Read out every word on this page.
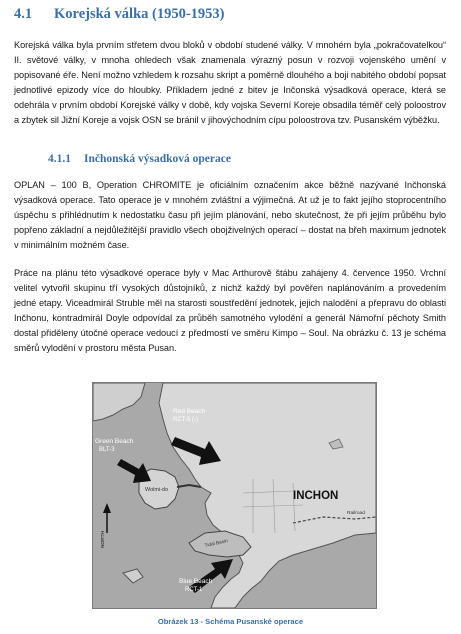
4.1 Korejská válka (1950-1953)

Korejská válka byla prvním střetem dvou bloků v období studené války. V mnohém byla „pokračovatelkou“ II. světové války, v mnoha ohledech však znamenala výrazný posun v rozvoji vojenského umění v popisované éře. Není možno vzhledem k rozsahu skript a poměrně dlouhého a boji nabitého období popsat jednotlivé epizody více do hloubky. Příkladem jedné z bitev je Inčonská výsadková operace, která se odehrála v prvním období Korejské války v době, kdy vojska Severní Koreje obsadila téměř celý poloostrov a zbytek sil Jižní Koreje a vojsk OSN se bránil v jihovýchodním cípu poloostrova tzv. Pusanském výběžku.

4.1.1 Inčhonská výsadková operace

OPLAN – 100 B, Operation CHROMITE je oficiálním označením akce běžně nazývané Inčhonská výsadková operace. Tato operace je v mnohém zvláštní a výjimečná. At už je to fakt jejího stoprocentního úspěchu s přihlédnutím k nedostatku času při jejím plánování, nebo skutečnost, že při jejím průběhu bylo popřeno základní a nejdůležitější pravidlo všech obojživelných operací – dostat na břeh maximum jednotek v minimálním možném čase.

Práce na plánu této výsadkové operace byly v Mac Arthurově štábu zahájeny 4. července 1950. Vrchní velitel vytvořil skupinu tří vysokých důstojníků, z nichž každý byl pověřen naplánováním a provedením jedné etapy. Viceadmirál Struble měl na starosti soustředění jednotek, jejich nalodění a přepravu do oblasti Inčhonu, kontradmirál Doyle odpovídal za průběh samotného vylodění a generál Námořní pěchoty Smith dostal přiděleny útočné operace vedoucí z předmostí ve směru Kimpo – Soul. Na obrázku č. 13 je schéma směrů vylodění v prostoru města Pusan.

Red Beach
RCT-5 (-)
Green Beach
BLT-3
Wolmi-do	INCHON
Tidal Basin
Railroad
Blue Beach
RCT-1
NORTH
Obrázek 13 - Schéma Pusanské operace
